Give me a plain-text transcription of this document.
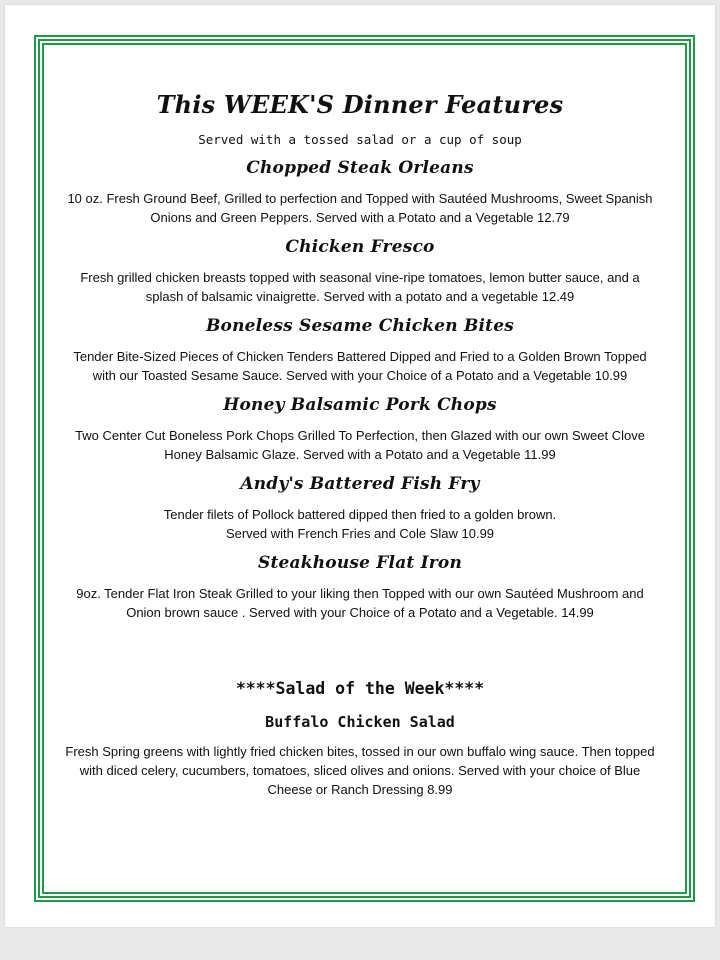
This WEEK'S Dinner Features

Served with a tossed salad or a cup of soup

Chopped Steak Orleans

10 oz. Fresh Ground Beef, Grilled to perfection and Topped with Sautéed Mushrooms, Sweet Spanish
Onions and Green Peppers. Served with a Potato and a Vegetable 12.79

Chicken Fresco

Fresh grilled chicken breasts topped with seasonal vine-ripe tomatoes, lemon butter sauce, and a
splash of balsamic vinaigrette. Served with a potato and a vegetable 12.49

Boneless Sesame Chicken Bites

Tender Bite-Sized Pieces of Chicken Tenders Battered Dipped and Fried to a Golden Brown Topped
with our Toasted Sesame Sauce. Served with your Choice of a Potato and a Vegetable 10.99

Honey Balsamic Pork Chops

Two Center Cut Boneless Pork Chops Grilled To Perfection, then Glazed with our own Sweet Clove
Honey Balsamic Glaze. Served with a Potato and a Vegetable 11.99

Andy's Battered Fish Fry

Tender filets of Pollock battered dipped then fried to a golden brown.
Served with French Fries and Cole Slaw 10.99

Steakhouse Flat Iron

9oz. Tender Flat Iron Steak Grilled to your liking then Topped with our own Sautéed Mushroom and
Onion brown sauce . Served with your Choice of a Potato and a Vegetable. 14.99

****Salad of the Week****

Buffalo Chicken Salad

Fresh Spring greens with lightly fried chicken bites, tossed in our own buffalo wing sauce. Then topped
with diced celery, cucumbers, tomatoes, sliced olives and onions. Served with your choice of Blue
Cheese or Ranch Dressing 8.99
